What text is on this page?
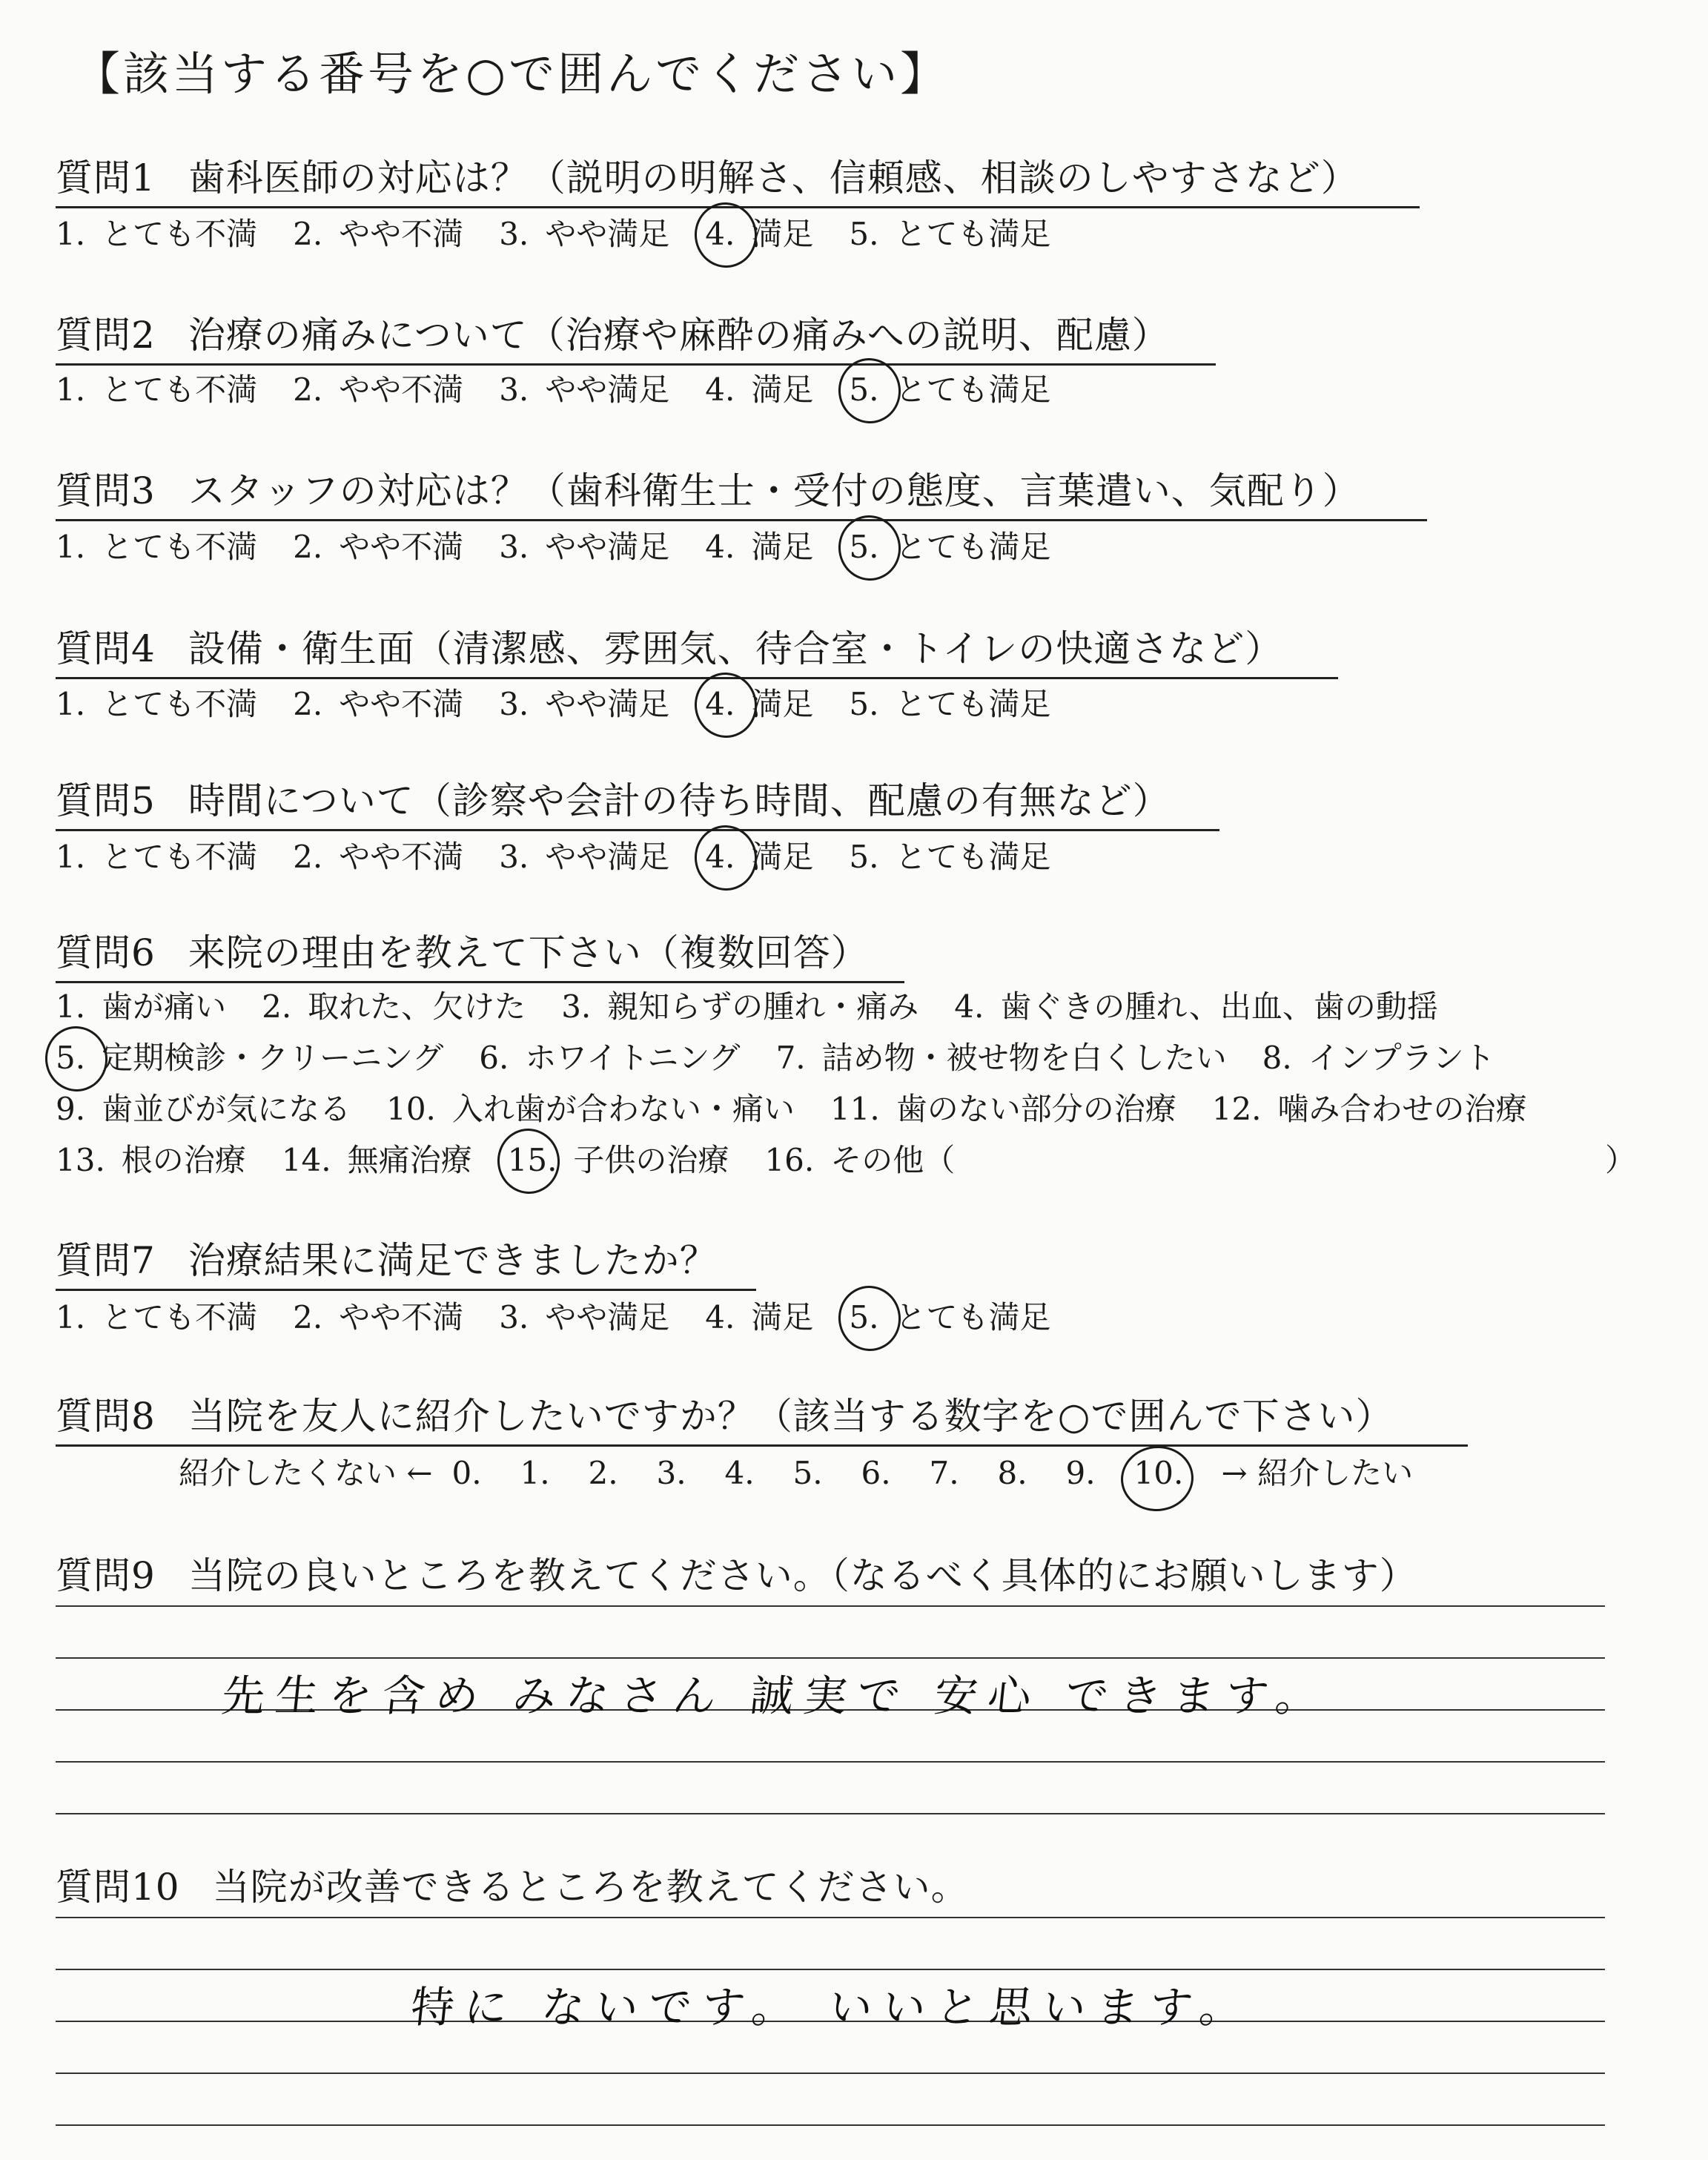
【該当する番号を○で囲んでください】
質問1 歯科医師の対応は？（説明の明解さ、信頼感、相談のしやすさなど）
1. とても不満 2. やや不満 3. やや満足 4. 満足 5. とても満足
質問2 治療の痛みについて（治療や麻酔の痛みへの説明、配慮）
1. とても不満 2. やや不満 3. やや満足 4. 満足 5. とても満足
質問3 スタッフの対応は？（歯科衛生士・受付の態度、言葉遣い、気配り）
1. とても不満 2. やや不満 3. やや満足 4. 満足 5. とても満足
質問4 設備・衛生面（清潔感、雰囲気、待合室・トイレの快適さなど）
1. とても不満 2. やや不満 3. やや満足 4. 満足 5. とても満足
質問5 時間について（診察や会計の待ち時間、配慮の有無など）
1. とても不満 2. やや不満 3. やや満足 4. 満足 5. とても満足
質問6 来院の理由を教えて下さい（複数回答）
質問7 治療結果に満足できましたか？
1. とても不満 2. やや不満 3. やや満足 4. 満足 5. とても満足
質問8 当院を友人に紹介したいですか？（該当する数字を○で囲んで下さい）
質問9 当院の良いところを教えてください。（なるべく具体的にお願いします）
質問10 当院が改善できるところを教えてください。
1. 歯が痛い 2. 取れた、欠けた 3. 親知らずの腫れ・痛み 4. 歯ぐきの腫れ、出血、歯の動揺
5. 定期検診・クリーニング 6. ホワイトニング 7. 詰め物・被せ物を白くしたい 8. インプラント
9. 歯並びが気になる 10. 入れ歯が合わない・痛い 11. 歯のない部分の治療 12. 噛み合わせの治療
13. 根の治療 14. 無痛治療 15. 子供の治療 16. その他（	）
紹介したくない ← 0.	1.	2.	3.	4.	5.	6.	7.	8.	9.	10.	→ 紹介したい
先生を含め みなさん 誠実で 安心 できます。
特に ないです。 いいと思います。
